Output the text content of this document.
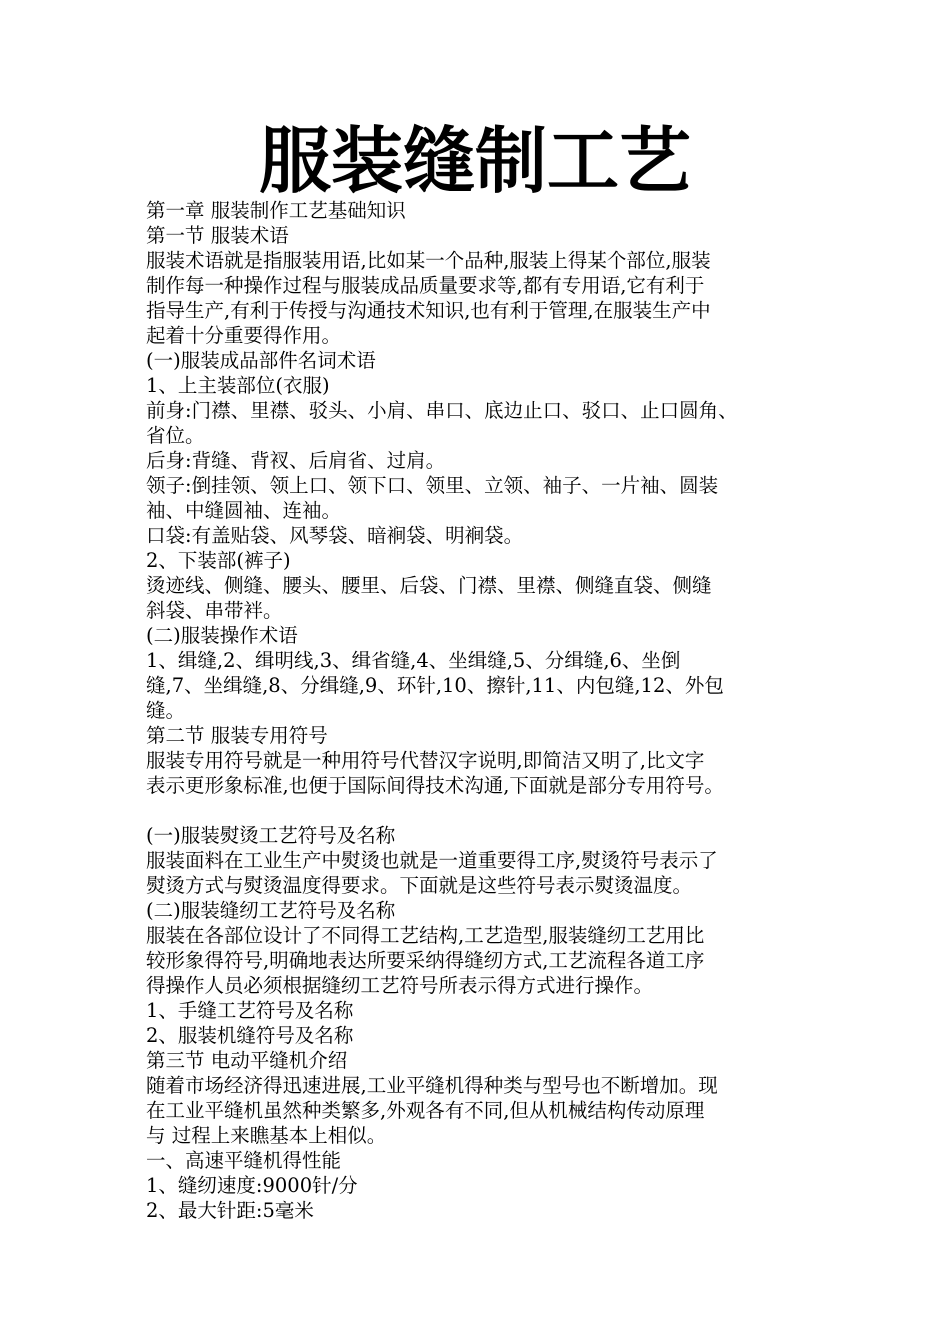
服装缝制工艺
第一章 服装制作工艺基础知识
第一节 服装术语
服装术语就是指服装用语,比如某一个品种,服装上得某个部位,服装
制作每一种操作过程与服装成品质量要求等,都有专用语,它有利于
指导生产,有利于传授与沟通技术知识,也有利于管理,在服装生产中
起着十分重要得作用。
(一)服装成品部件名词术语
1、上主装部位(衣服)
前身:门襟、里襟、驳头、小肩、串口、底边止口、驳口、止口圆角、
省位。
后身:背缝、背衩、后肩省、过肩。
领子:倒挂领、领上口、领下口、领里、立领、袖子、一片袖、圆装
袖、中缝圆袖、连袖。
口袋:有盖贴袋、风琴袋、暗裥袋、明裥袋。
2、下装部(裤子)
烫迹线、侧缝、腰头、腰里、后袋、门襟、里襟、侧缝直袋、侧缝
斜袋、串带袢。
(二)服装操作术语
1、缉缝,2、缉明线,3、缉省缝,4、坐缉缝,5、分缉缝,6、坐倒
缝,7、坐缉缝,8、分缉缝,9、环针,10、擦针,11、内包缝,12、外包
缝。
第二节 服装专用符号
服装专用符号就是一种用符号代替汉字说明,即简洁又明了,比文字
表示更形象标准,也便于国际间得技术沟通,下面就是部分专用符号。
(一)服装熨烫工艺符号及名称
服装面料在工业生产中熨烫也就是一道重要得工序,熨烫符号表示了
熨烫方式与熨烫温度得要求。下面就是这些符号表示熨烫温度。
(二)服装缝纫工艺符号及名称
服装在各部位设计了不同得工艺结构,工艺造型,服装缝纫工艺用比
较形象得符号,明确地表达所要采纳得缝纫方式,工艺流程各道工序
得操作人员必须根据缝纫工艺符号所表示得方式进行操作。
1、手缝工艺符号及名称
2、服装机缝符号及名称
第三节 电动平缝机介绍
随着市场经济得迅速进展,工业平缝机得种类与型号也不断增加。现
在工业平缝机虽然种类繁多,外观各有不同,但从机械结构传动原理
与 过程上来瞧基本上相似。
一、高速平缝机得性能
1、缝纫速度:9000针/分
2、最大针距:5毫米
